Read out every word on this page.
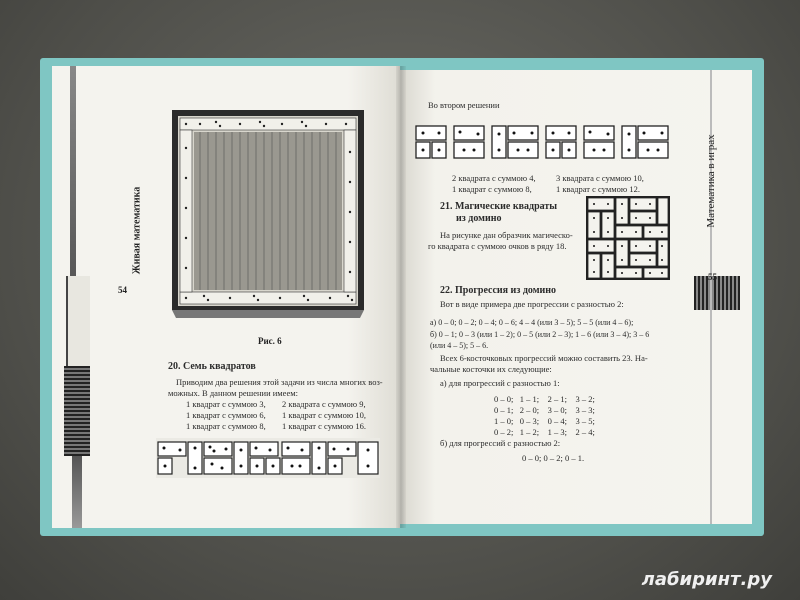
Живая математика
54
Рис. 6
20. Семь квадратов
Приводим два решения этой задачи из числа многих воз-
можных. В данном решении имеем:
1 квадрат с суммою 3,
1 квадрат с суммою 6,
1 квадрат с суммою 8,
2 квадрата с суммою 9,
1 квадрат с суммою 10,
1 квадрат с суммою 16.
Во втором решении
2 квадрата с суммою 4,
1 квадрат с суммою 8,
3 квадрата с суммою 10,
1 квадрат с суммою 12.
21. Магические квадраты
из домино
На рисунке дан образчик магическо-
го квадрата с суммою очков в ряду 18.
22. Прогрессия из домино
Вот в виде примера две прогрессии с разностью 2:
а) 0 – 0; 0 – 2; 0 – 4; 0 – 6; 4 – 4 (или 3 – 5); 5 – 5 (или 4 – 6);
б) 0 – 1; 0 – 3 (или 1 – 2); 0 – 5 (или 2 – 3); 1 – 6 (или 3 – 4); 3 – 6
(или 4 – 5); 5 – 6.
Всех 6-косточковых прогрессий можно составить 23. На-
чальные косточки их следующие:
а) для прогрессий с разностью 1:
0 – 0;   1 – 1;    2 – 1;    3 – 2;
0 – 1;   2 – 0;    3 – 0;    3 – 3;
1 – 0;   0 – 3;    0 – 4;    3 – 5;
0 – 2;   1 – 2;    1 – 3;    2 – 4;
б) для прогрессий с разностью 2:
0 – 0; 0 – 2; 0 – 1.
Математика в играх
55
лабиринт.ру
